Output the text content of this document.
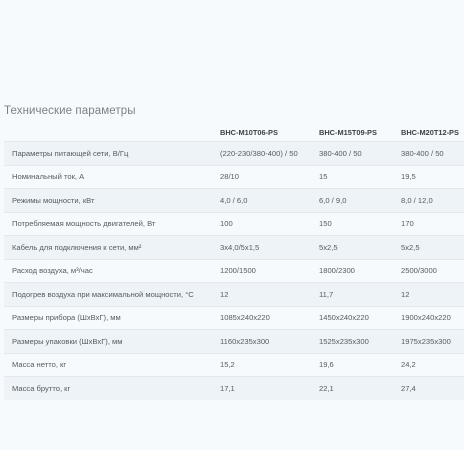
Технические параметры
	ВНС-М10Т06-PS	ВНС-М15Т09-PS	ВНС-М20Т12-PS
Параметры питающей сети, В/Гц	(220-230/380-400) / 50	380-400 / 50	380-400 / 50
Номинальный ток, А	28/10	15	19,5
Режимы мощности, кВт	4,0 / 6,0	6,0 / 9,0	8,0 / 12,0
Потребляемая мощность двигателей, Вт	100	150	170
Кабель для подключения к сети, мм²	3х4,0/5х1,5	5х2,5	5х2,5
Расход воздуха, м³/час	1200/1500	1800/2300	2500/3000
Подогрев воздуха при максимальной мощности, °С	12	11,7	12
Размеры прибора (ШхВхГ), мм	1085х240х220	1450х240х220	1900х240х220
Размеры упаковки (ШхВхГ), мм	1160х235х300	1525х235х300	1975х235х300
Масса нетто, кг	15,2	19,6	24,2
Масса брутто, кг	17,1	22,1	27,4
